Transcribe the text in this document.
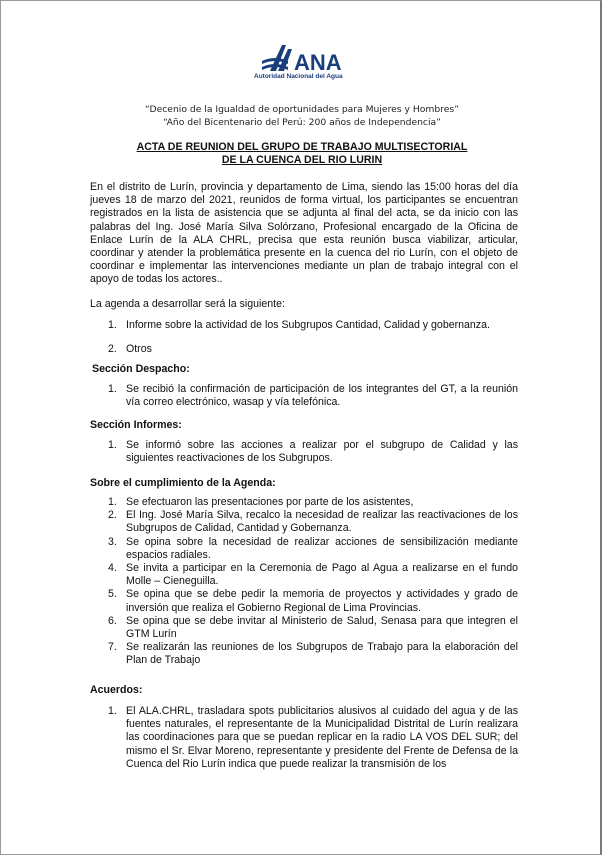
ANA
Autoridad Nacional del Agua
“Decenio de la Igualdad de oportunidades para Mujeres y Hombres”
“Año del Bicentenario del Perú: 200 años de Independencia”
ACTA DE REUNION DEL GRUPO DE TRABAJO MULTISECTORIAL
DE LA CUENCA DEL RIO LURIN
En el distrito de Lurín, provincia y departamento de Lima, siendo las 15:00 horas del día jueves 18 de marzo del 2021, reunidos de forma virtual, los participantes se encuentran registrados en la lista de asistencia que se adjunta al final del acta, se da inicio con las palabras del Ing. José María Silva Solórzano, Profesional encargado de la Oficina de Enlace Lurín de la ALA CHRL, precisa que esta reunión busca viabilizar, articular, coordinar y atender la problemática presente en la cuenca del rio Lurín, con el objeto de coordinar e implementar las intervenciones mediante un plan de trabajo integral con el apoyo de todas los actores..
La agenda a desarrollar será la siguiente:
1. Informe sobre la actividad de los Subgrupos Cantidad, Calidad y gobernanza.
2. Otros
Sección Despacho:
1. Se recibió la confirmación de participación de los integrantes del GT, a la reunión vía correo electrónico, wasap y vía telefónica.
Sección Informes:
1. Se informó sobre las acciones a realizar por el subgrupo de Calidad y las siguientes reactivaciones de los Subgrupos.
Sobre el cumplimiento de la Agenda:
1. Se efectuaron las presentaciones por parte de los asistentes,
2. El Ing. José María Silva, recalco la necesidad de realizar las reactivaciones de los Subgrupos de Calidad, Cantidad y Gobernanza.
3. Se opina sobre la necesidad de realizar acciones de sensibilización mediante espacios radiales.
4. Se invita a participar en la Ceremonia de Pago al Agua a realizarse en el fundo Molle – Cieneguilla.
5. Se opina que se debe pedir la memoria de proyectos y actividades y grado de inversión que realiza el Gobierno Regional de Lima Provincias.
6. Se opina que se debe invitar al Ministerio de Salud, Senasa para que integren el GTM Lurín
7. Se realizarán las reuniones de los Subgrupos de Trabajo para la elaboración del Plan de Trabajo
Acuerdos:
1. El ALA.CHRL, trasladara spots publicitarios alusivos al cuidado del agua y de las fuentes naturales, el representante de la Municipalidad Distrital de Lurín realizara las coordinaciones para que se puedan replicar en la radio LA VOS DEL SUR; del mismo el Sr. Elvar Moreno, representante y presidente del Frente de Defensa de la Cuenca del Rio Lurín indica que puede realizar la transmisión de los
